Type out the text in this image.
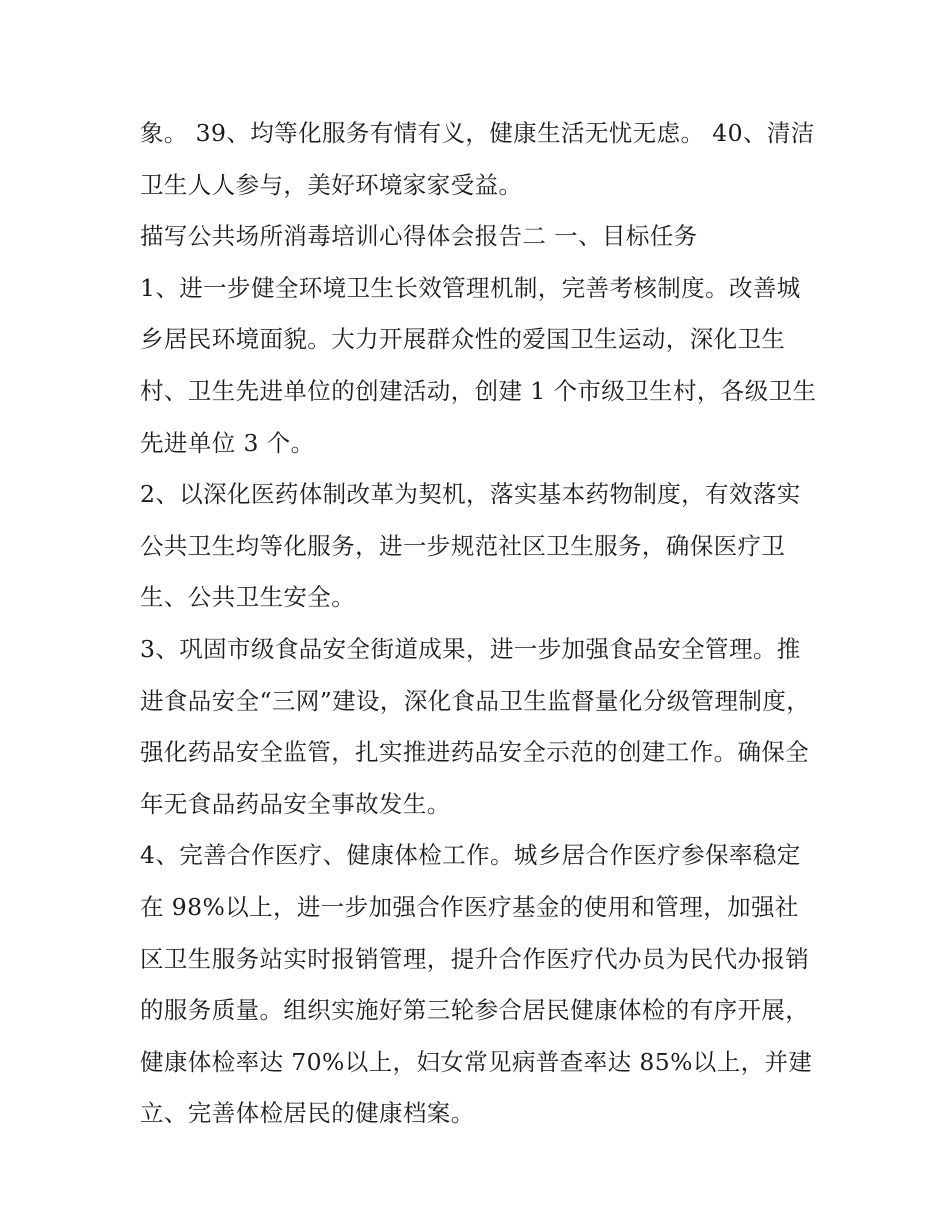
象。 39、均等化服务有情有义，健康生活无忧无虑。 40、清洁卫生人人参与，美好环境家家受益。

描写公共场所消毒培训心得体会报告二 一、目标任务

1、进一步健全环境卫生长效管理机制，完善考核制度。改善城乡居民环境面貌。大力开展群众性的爱国卫生运动，深化卫生村、卫生先进单位的创建活动，创建 1 个市级卫生村，各级卫生先进单位 3 个。

2、以深化医药体制改革为契机，落实基本药物制度，有效落实公共卫生均等化服务，进一步规范社区卫生服务，确保医疗卫生、公共卫生安全。

3、巩固市级食品安全街道成果，进一步加强食品安全管理。推进食品安全“三网”建设，深化食品卫生监督量化分级管理制度，强化药品安全监管，扎实推进药品安全示范的创建工作。确保全年无食品药品安全事故发生。

4、完善合作医疗、健康体检工作。城乡居合作医疗参保率稳定在 98%以上，进一步加强合作医疗基金的使用和管理，加强社区卫生服务站实时报销管理，提升合作医疗代办员为民代办报销的服务质量。组织实施好第三轮参合居民健康体检的有序开展，健康体检率达 70%以上，妇女常见病普查率达 85%以上，并建立、完善体检居民的健康档案。
